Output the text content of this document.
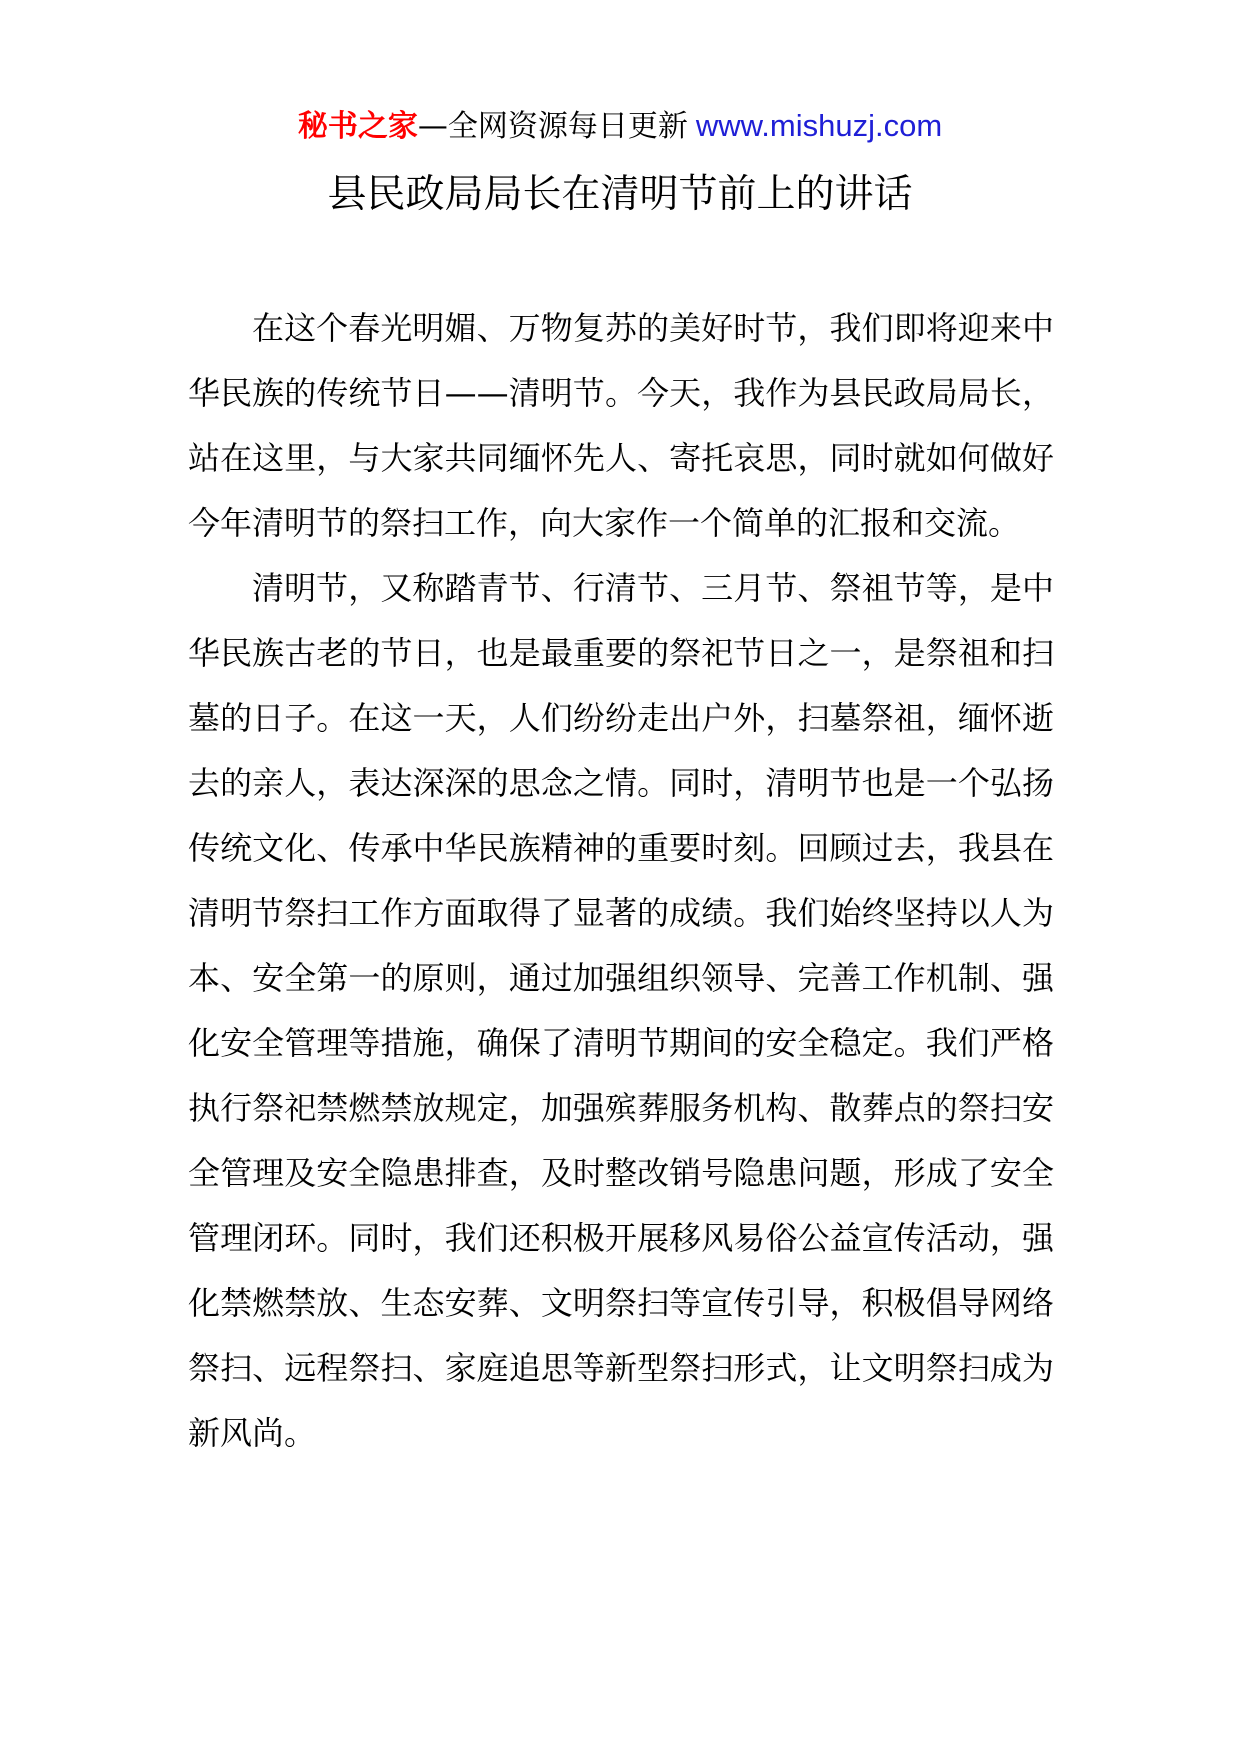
秘书之家—全网资源每日更新 www.mishuzj.com
县民政局局长在清明节前上的讲话

在这个春光明媚、万物复苏的美好时节，我们即将迎来中华民族的传统节日——清明节。今天，我作为县民政局局长，站在这里，与大家共同缅怀先人、寄托哀思，同时就如何做好今年清明节的祭扫工作，向大家作一个简单的汇报和交流。

清明节，又称踏青节、行清节、三月节、祭祖节等，是中华民族古老的节日，也是最重要的祭祀节日之一，是祭祖和扫墓的日子。在这一天，人们纷纷走出户外，扫墓祭祖，缅怀逝去的亲人，表达深深的思念之情。同时，清明节也是一个弘扬传统文化、传承中华民族精神的重要时刻。回顾过去，我县在清明节祭扫工作方面取得了显著的成绩。我们始终坚持以人为本、安全第一的原则，通过加强组织领导、完善工作机制、强化安全管理等措施，确保了清明节期间的安全稳定。我们严格执行祭祀禁燃禁放规定，加强殡葬服务机构、散葬点的祭扫安全管理及安全隐患排查，及时整改销号隐患问题，形成了安全管理闭环。同时，我们还积极开展移风易俗公益宣传活动，强化禁燃禁放、生态安葬、文明祭扫等宣传引导，积极倡导网络祭扫、远程祭扫、家庭追思等新型祭扫形式，让文明祭扫成为新风尚。
